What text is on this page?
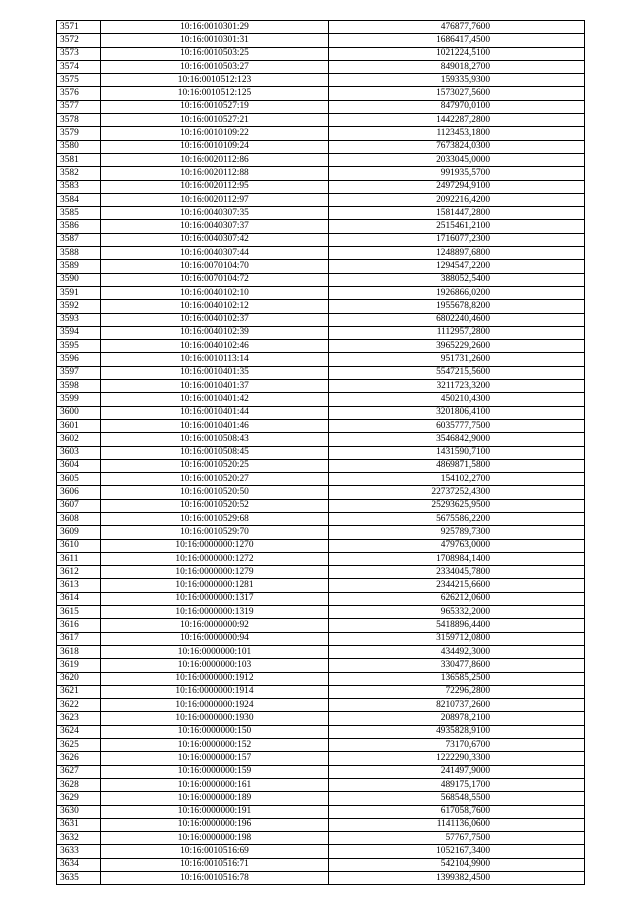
3571	10:16:0010301:29	476877,7600
3572	10:16:0010301:31	1686417,4500
3573	10:16:0010503:25	1021224,5100
3574	10:16:0010503:27	849018,2700
3575	10:16:0010512:123	159335,9300
3576	10:16:0010512:125	1573027,5600
3577	10:16:0010527:19	847970,0100
3578	10:16:0010527:21	1442287,2800
3579	10:16:0010109:22	1123453,1800
3580	10:16:0010109:24	7673824,0300
3581	10:16:0020112:86	2033045,0000
3582	10:16:0020112:88	991935,5700
3583	10:16:0020112:95	2497294,9100
3584	10:16:0020112:97	2092216,4200
3585	10:16:0040307:35	1581447,2800
3586	10:16:0040307:37	2515461,2100
3587	10:16:0040307:42	1716077,2300
3588	10:16:0040307:44	1248897,6800
3589	10:16:0070104:70	1294547,2200
3590	10:16:0070104:72	388052,5400
3591	10:16:0040102:10	1926866,0200
3592	10:16:0040102:12	1955678,8200
3593	10:16:0040102:37	6802240,4600
3594	10:16:0040102:39	1112957,2800
3595	10:16:0040102:46	3965229,2600
3596	10:16:0010113:14	951731,2600
3597	10:16:0010401:35	5547215,5600
3598	10:16:0010401:37	3211723,3200
3599	10:16:0010401:42	450210,4300
3600	10:16:0010401:44	3201806,4100
3601	10:16:0010401:46	6035777,7500
3602	10:16:0010508:43	3546842,9000
3603	10:16:0010508:45	1431590,7100
3604	10:16:0010520:25	4869871,5800
3605	10:16:0010520:27	154102,2700
3606	10:16:0010520:50	22737252,4300
3607	10:16:0010520:52	25293625,9500
3608	10:16:0010529:68	5675586,2200
3609	10:16:0010529:70	925789,7300
3610	10:16:0000000:1270	479763,0000
3611	10:16:0000000:1272	1708984,1400
3612	10:16:0000000:1279	2334045,7800
3613	10:16:0000000:1281	2344215,6600
3614	10:16:0000000:1317	626212,0600
3615	10:16:0000000:1319	965332,2000
3616	10:16:0000000:92	5418896,4400
3617	10:16:0000000:94	3159712,0800
3618	10:16:0000000:101	434492,3000
3619	10:16:0000000:103	330477,8600
3620	10:16:0000000:1912	136585,2500
3621	10:16:0000000:1914	72296,2800
3622	10:16:0000000:1924	8210737,2600
3623	10:16:0000000:1930	208978,2100
3624	10:16:0000000:150	4935828,9100
3625	10:16:0000000:152	73170,6700
3626	10:16:0000000:157	1222290,3300
3627	10:16:0000000:159	241497,9000
3628	10:16:0000000:161	489175,1700
3629	10:16:0000000:189	568548,5500
3630	10:16:0000000:191	617058,7600
3631	10:16:0000000:196	1141136,0600
3632	10:16:0000000:198	57767,7500
3633	10:16:0010516:69	1052167,3400
3634	10:16:0010516:71	542104,9900
3635	10:16:0010516:78	1399382,4500
